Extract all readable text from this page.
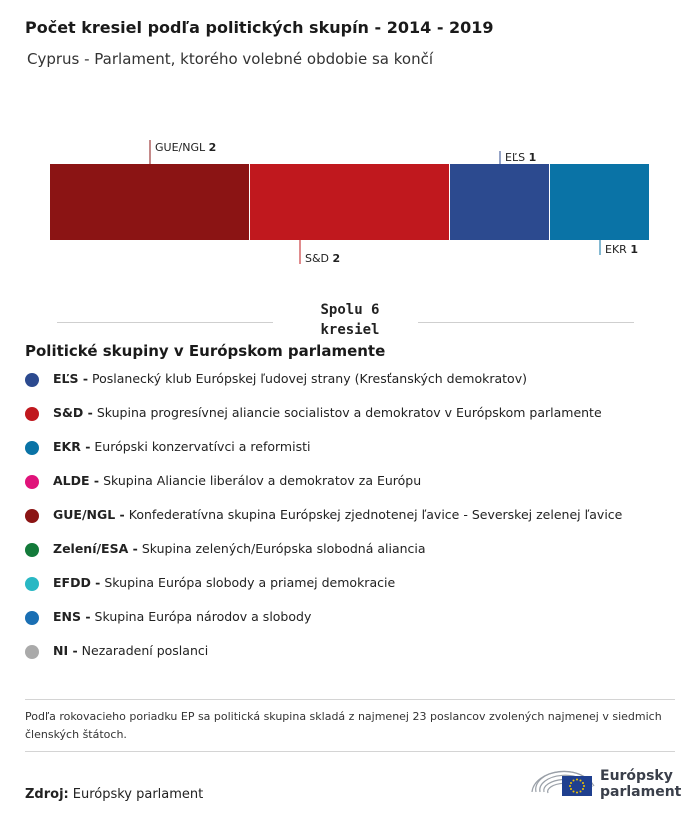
Počet kresiel podľa politických skupín - 2014 - 2019
Cyprus - Parlament, ktorého volebné obdobie sa končí
GUE/NGL 2
S&D 2
EĽS 1
EKR 1
Spolu 6
kresiel
Politické skupiny v Európskom parlamente
EĽS - Poslanecký klub Európskej ľudovej strany (Kresťanských demokratov)
S&D - Skupina progresívnej aliancie socialistov a demokratov v Európskom parlamente
EKR - Európski konzervatívci a reformisti
ALDE - Skupina Aliancie liberálov a demokratov za Európu
GUE/NGL - Konfederatívna skupina Európskej zjednotenej ľavice - Severskej zelenej ľavice
Zelení/ESA - Skupina zelených/Európska slobodná aliancia
EFDD - Skupina Európa slobody a priamej demokracie
ENS - Skupina Európa národov a slobody
NI - Nezaradení poslanci
Podľa rokovacieho poriadku EP sa politická skupina skladá z najmenej 23 poslancov zvolených najmenej v siedmich členských štátoch.
Zdroj: Európsky parlament
Európsky
parlament
